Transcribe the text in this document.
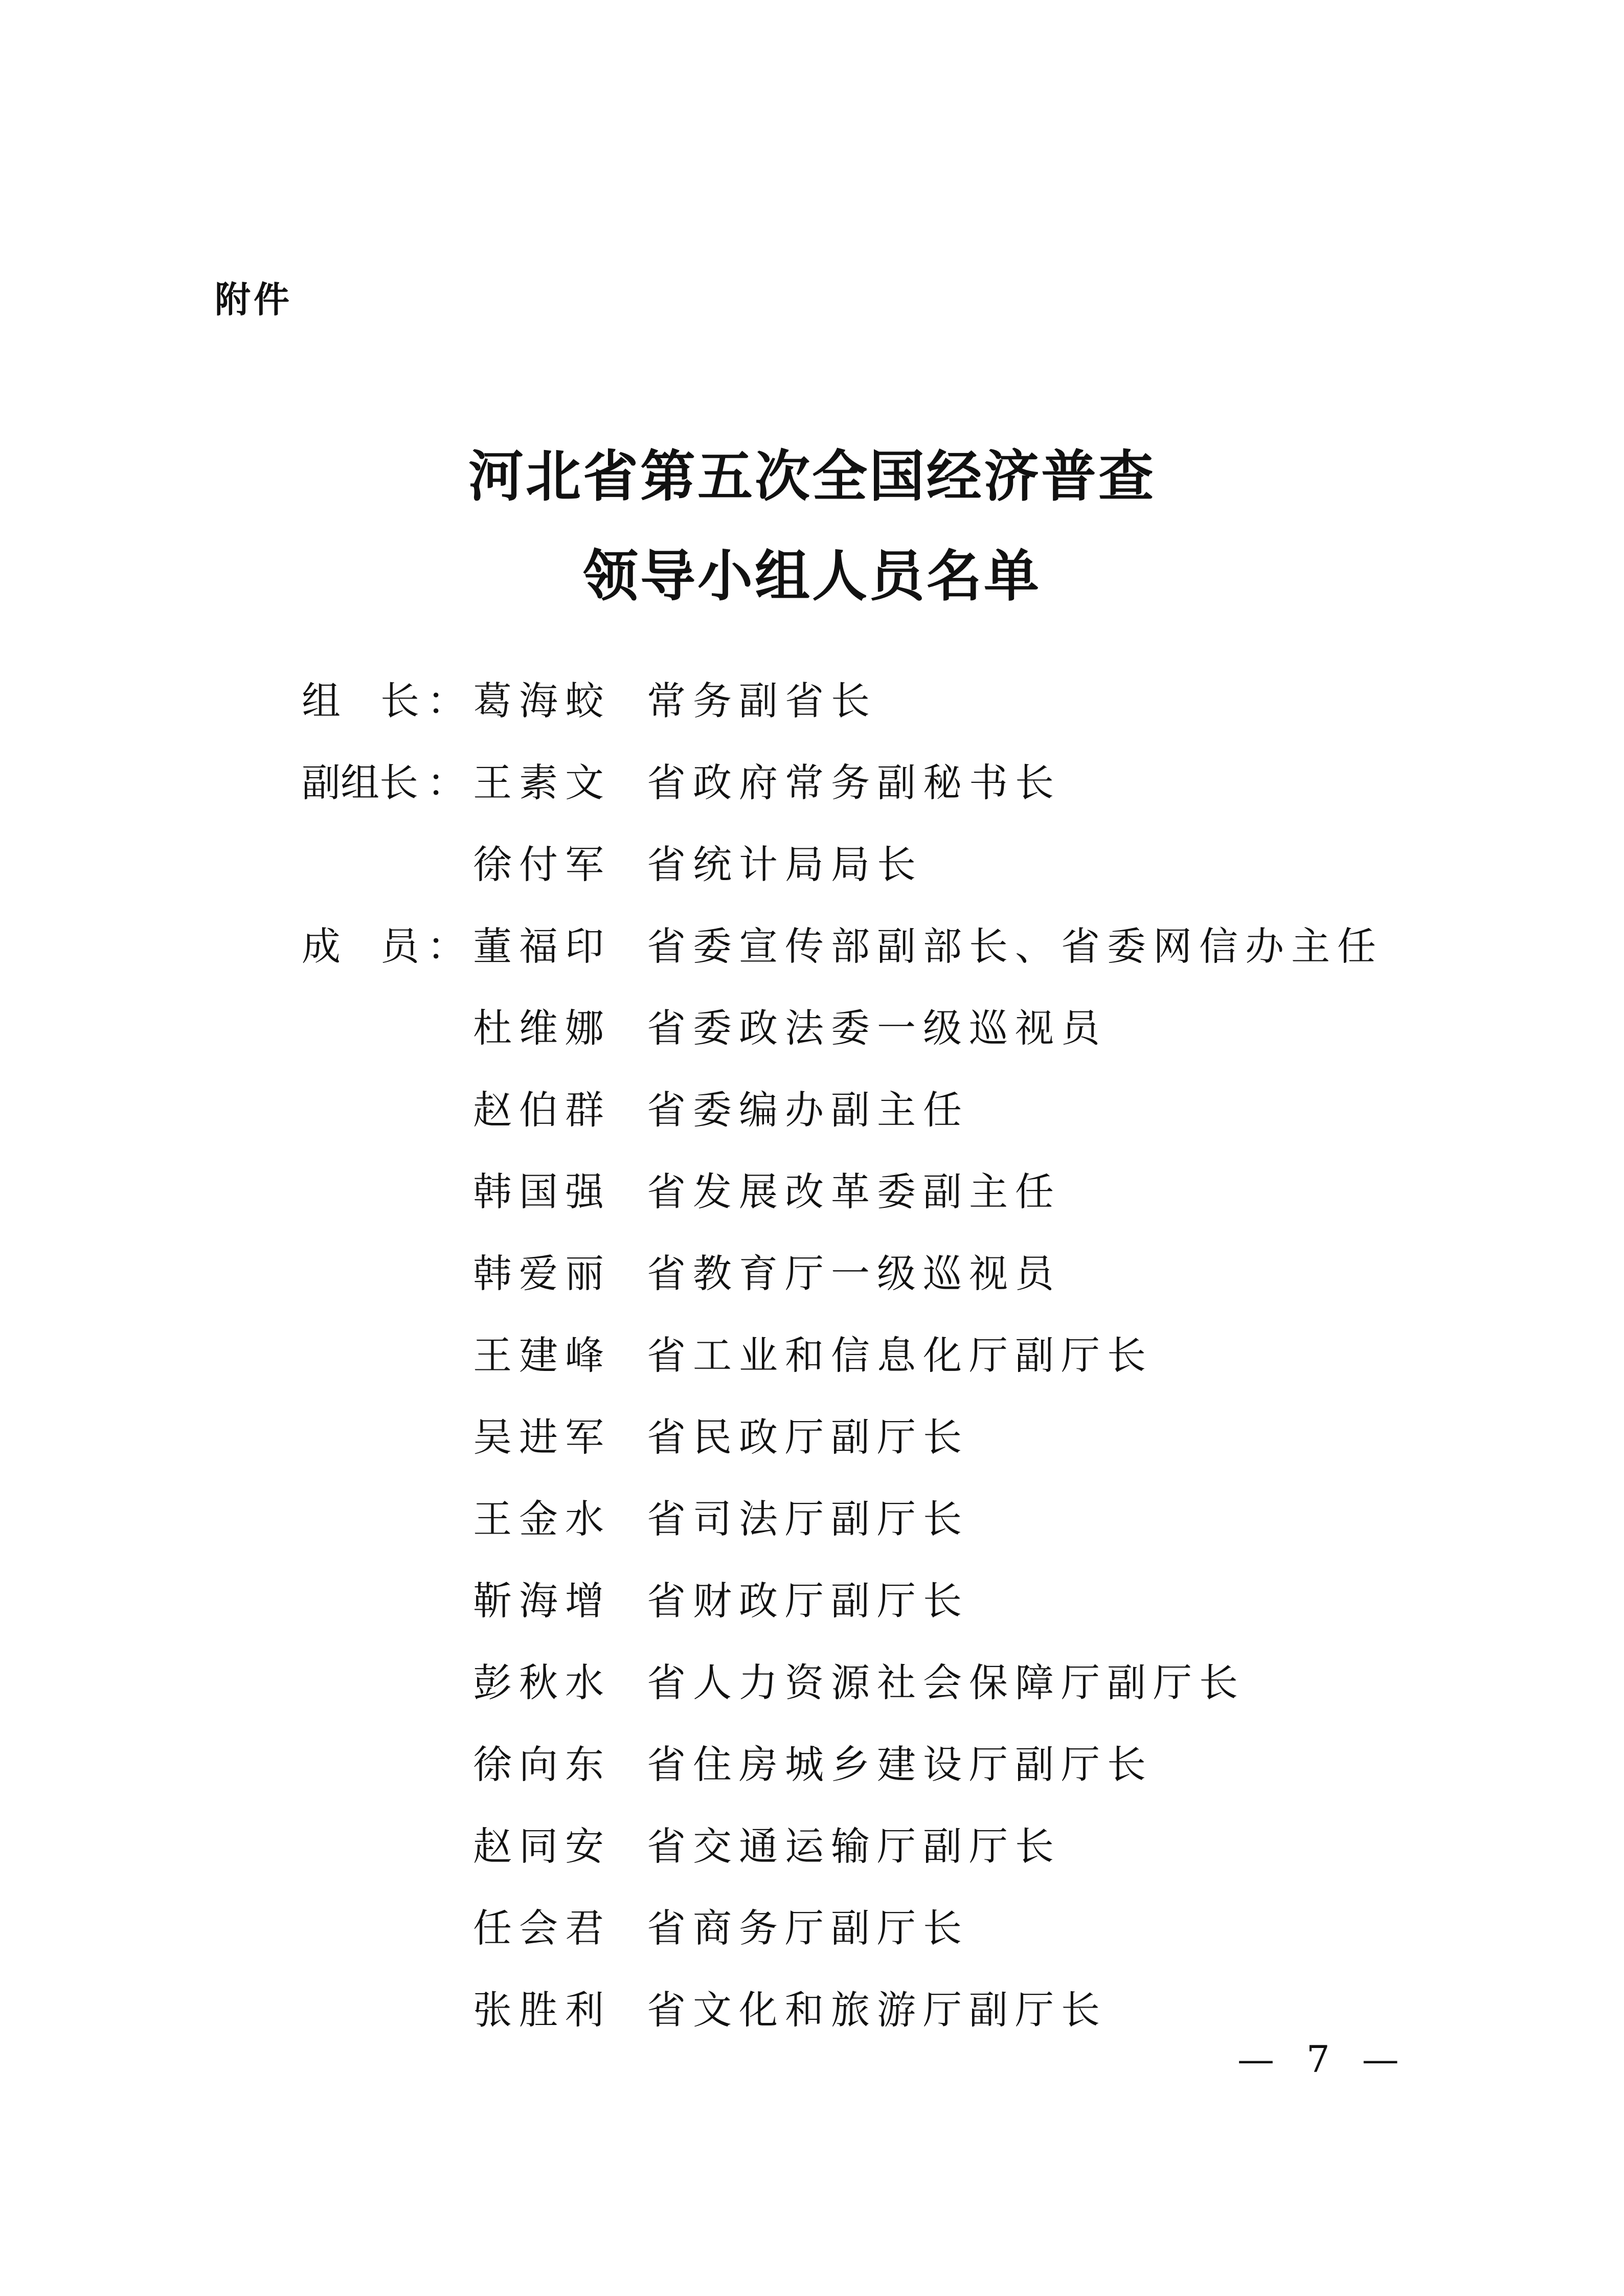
附件
河北省第五次全国经济普查
领导小组人员名单
组 长 ： 葛海蛟 常务副省长
副组长 ： 王素文 省政府常务副秘书长
徐付军 省统计局局长
成 员 ： 董福印 省委宣传部副部长、省委网信办主任
杜维娜 省委政法委一级巡视员
赵伯群 省委编办副主任
韩国强 省发展改革委副主任
韩爱丽 省教育厅一级巡视员
王建峰 省工业和信息化厅副厅长
吴进军 省民政厅副厅长
王金水 省司法厅副厅长
靳海增 省财政厅副厅长
彭秋水 省人力资源社会保障厅副厅长
徐向东 省住房城乡建设厅副厅长
赵同安 省交通运输厅副厅长
任会君 省商务厅副厅长
张胜利 省文化和旅游厅副厅长
— 7 —
